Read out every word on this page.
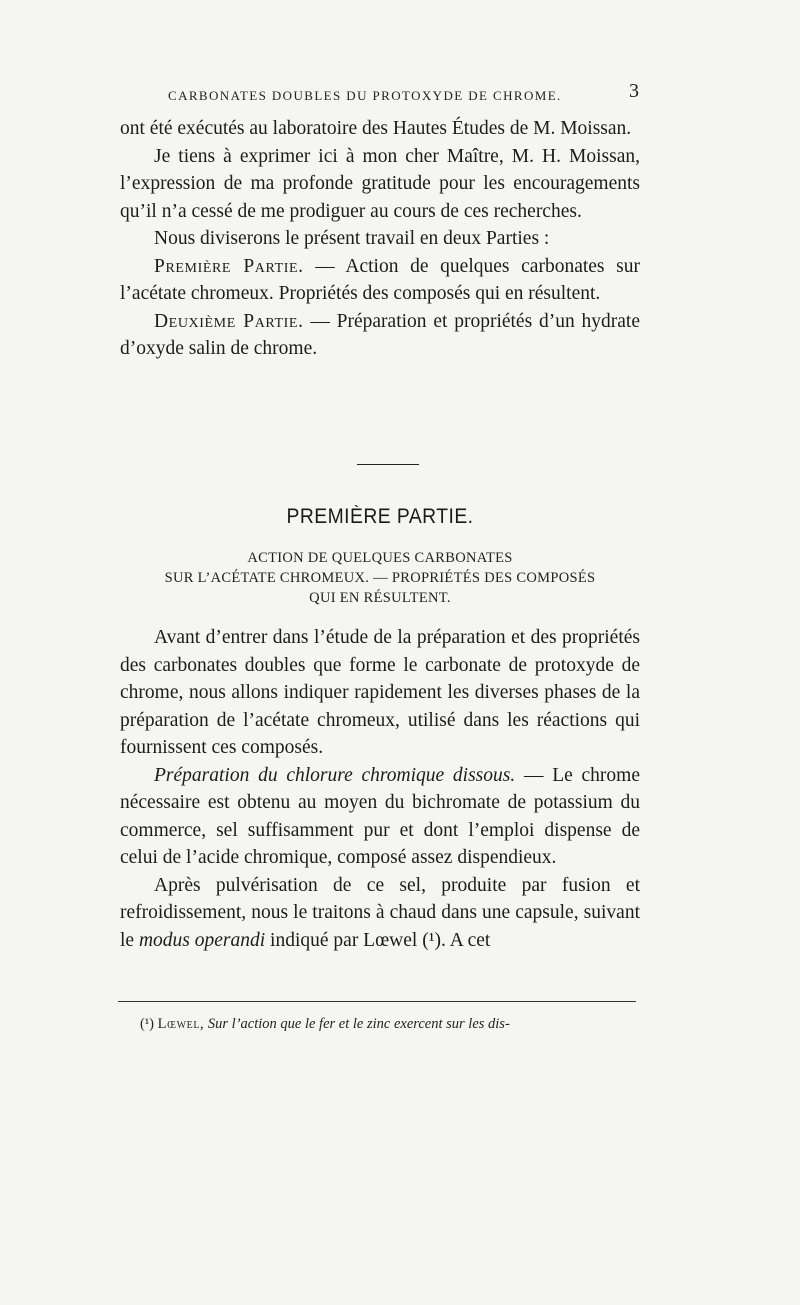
CARBONATES DOUBLES DU PROTOXYDE DE CHROME.	3

ont été exécutés au laboratoire des Hautes Études de M. Moissan.

Je tiens à exprimer ici à mon cher Maître, M. H. Moissan, l’expression de ma profonde gratitude pour les encouragements qu’il n’a cessé de me prodiguer au cours de ces recherches.

Nous diviserons le présent travail en deux Parties :

Première Partie. — Action de quelques carbonates sur l’acétate chromeux. Propriétés des composés qui en résultent.

Deuxième Partie. — Préparation et propriétés d’un hydrate d’oxyde salin de chrome.

PREMIÈRE PARTIE.
ACTION DE QUELQUES CARBONATES
SUR L’ACÉTATE CHROMEUX. — PROPRIÉTÉS DES COMPOSÉS
QUI EN RÉSULTENT.

Avant d’entrer dans l’étude de la préparation et des propriétés des carbonates doubles que forme le carbonate de protoxyde de chrome, nous allons indiquer rapidement les diverses phases de la préparation de l’acétate chromeux, utilisé dans les réactions qui fournissent ces composés.

Préparation du chlorure chromique dissous. — Le chrome nécessaire est obtenu au moyen du bichromate de potassium du commerce, sel suffisamment pur et dont l’emploi dispense de celui de l’acide chromique, composé assez dispendieux.

Après pulvérisation de ce sel, produite par fusion et refroidissement, nous le traitons à chaud dans une capsule, suivant le modus operandi indiqué par Lœwel (¹). A cet

(¹) Lœwel, Sur l’action que le fer et le zinc exercent sur les dis-
